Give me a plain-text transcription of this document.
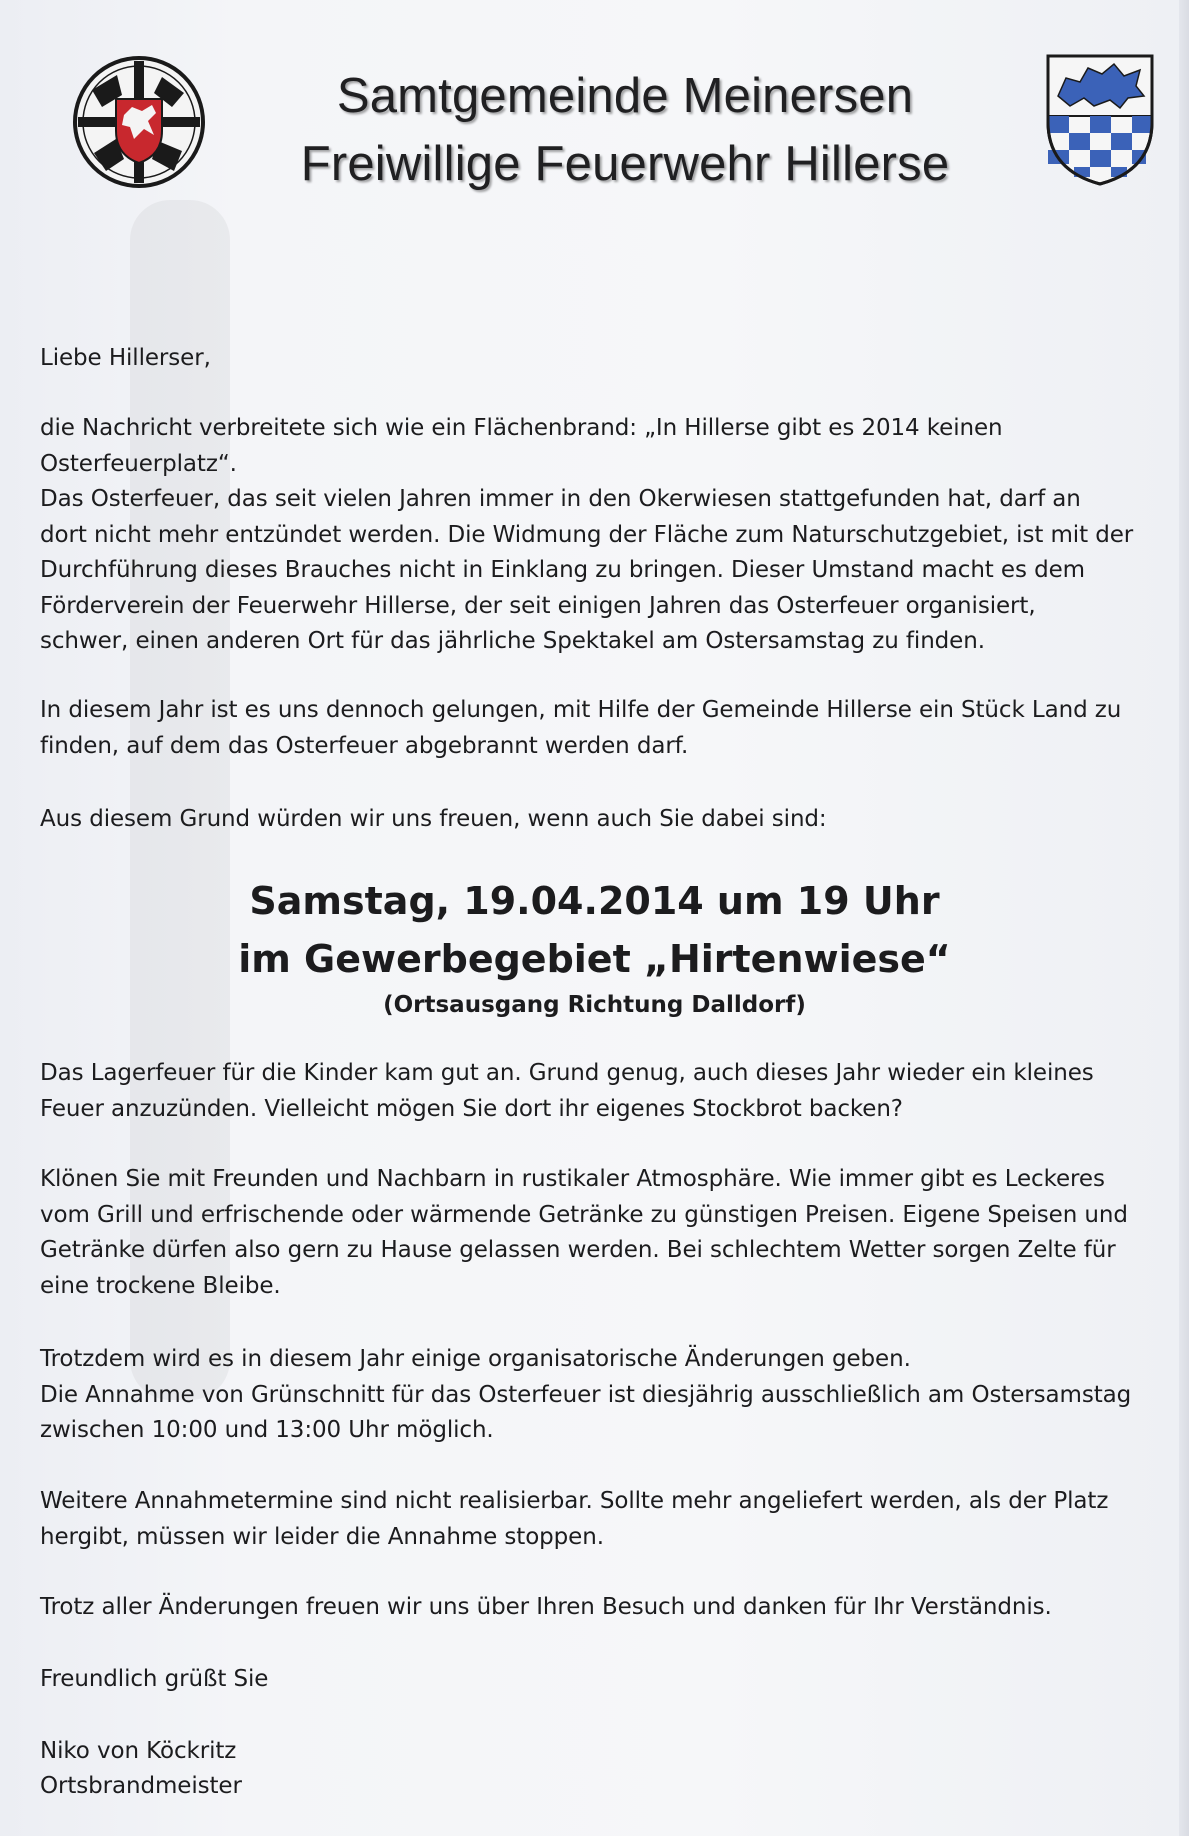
Samtgemeinde Meinersen
Freiwillige Feuerwehr Hillerse

Liebe Hillerser,

die Nachricht verbreitete sich wie ein Flächenbrand: „In Hillerse gibt es 2014 keinen
Osterfeuerplatz“.
Das Osterfeuer, das seit vielen Jahren immer in den Okerwiesen stattgefunden hat, darf an
dort nicht mehr entzündet werden. Die Widmung der Fläche zum Naturschutzgebiet, ist mit der
Durchführung dieses Brauches nicht in Einklang zu bringen. Dieser Umstand macht es dem
Förderverein der Feuerwehr Hillerse, der seit einigen Jahren das Osterfeuer organisiert,
schwer, einen anderen Ort für das jährliche Spektakel am Ostersamstag zu finden.

In diesem Jahr ist es uns dennoch gelungen, mit Hilfe der Gemeinde Hillerse ein Stück Land zu
finden, auf dem das Osterfeuer abgebrannt werden darf.

Aus diesem Grund würden wir uns freuen, wenn auch Sie dabei sind:

Samstag, 19.04.2014 um 19 Uhr
im Gewerbegebiet „Hirtenwiese“
(Ortsausgang Richtung Dalldorf)

Das Lagerfeuer für die Kinder kam gut an. Grund genug, auch dieses Jahr wieder ein kleines
Feuer anzuzünden. Vielleicht mögen Sie dort ihr eigenes Stockbrot backen?

Klönen Sie mit Freunden und Nachbarn in rustikaler Atmosphäre. Wie immer gibt es Leckeres
vom Grill und erfrischende oder wärmende Getränke zu günstigen Preisen. Eigene Speisen und
Getränke dürfen also gern zu Hause gelassen werden. Bei schlechtem Wetter sorgen Zelte für
eine trockene Bleibe.

Trotzdem wird es in diesem Jahr einige organisatorische Änderungen geben.
Die Annahme von Grünschnitt für das Osterfeuer ist diesjährig ausschließlich am Ostersamstag
zwischen 10:00 und 13:00 Uhr möglich.

Weitere Annahmetermine sind nicht realisierbar. Sollte mehr angeliefert werden, als der Platz
hergibt, müssen wir leider die Annahme stoppen.

Trotz aller Änderungen freuen wir uns über Ihren Besuch und danken für Ihr Verständnis.

Freundlich grüßt Sie

Niko von Köckritz

Ortsbrandmeister
